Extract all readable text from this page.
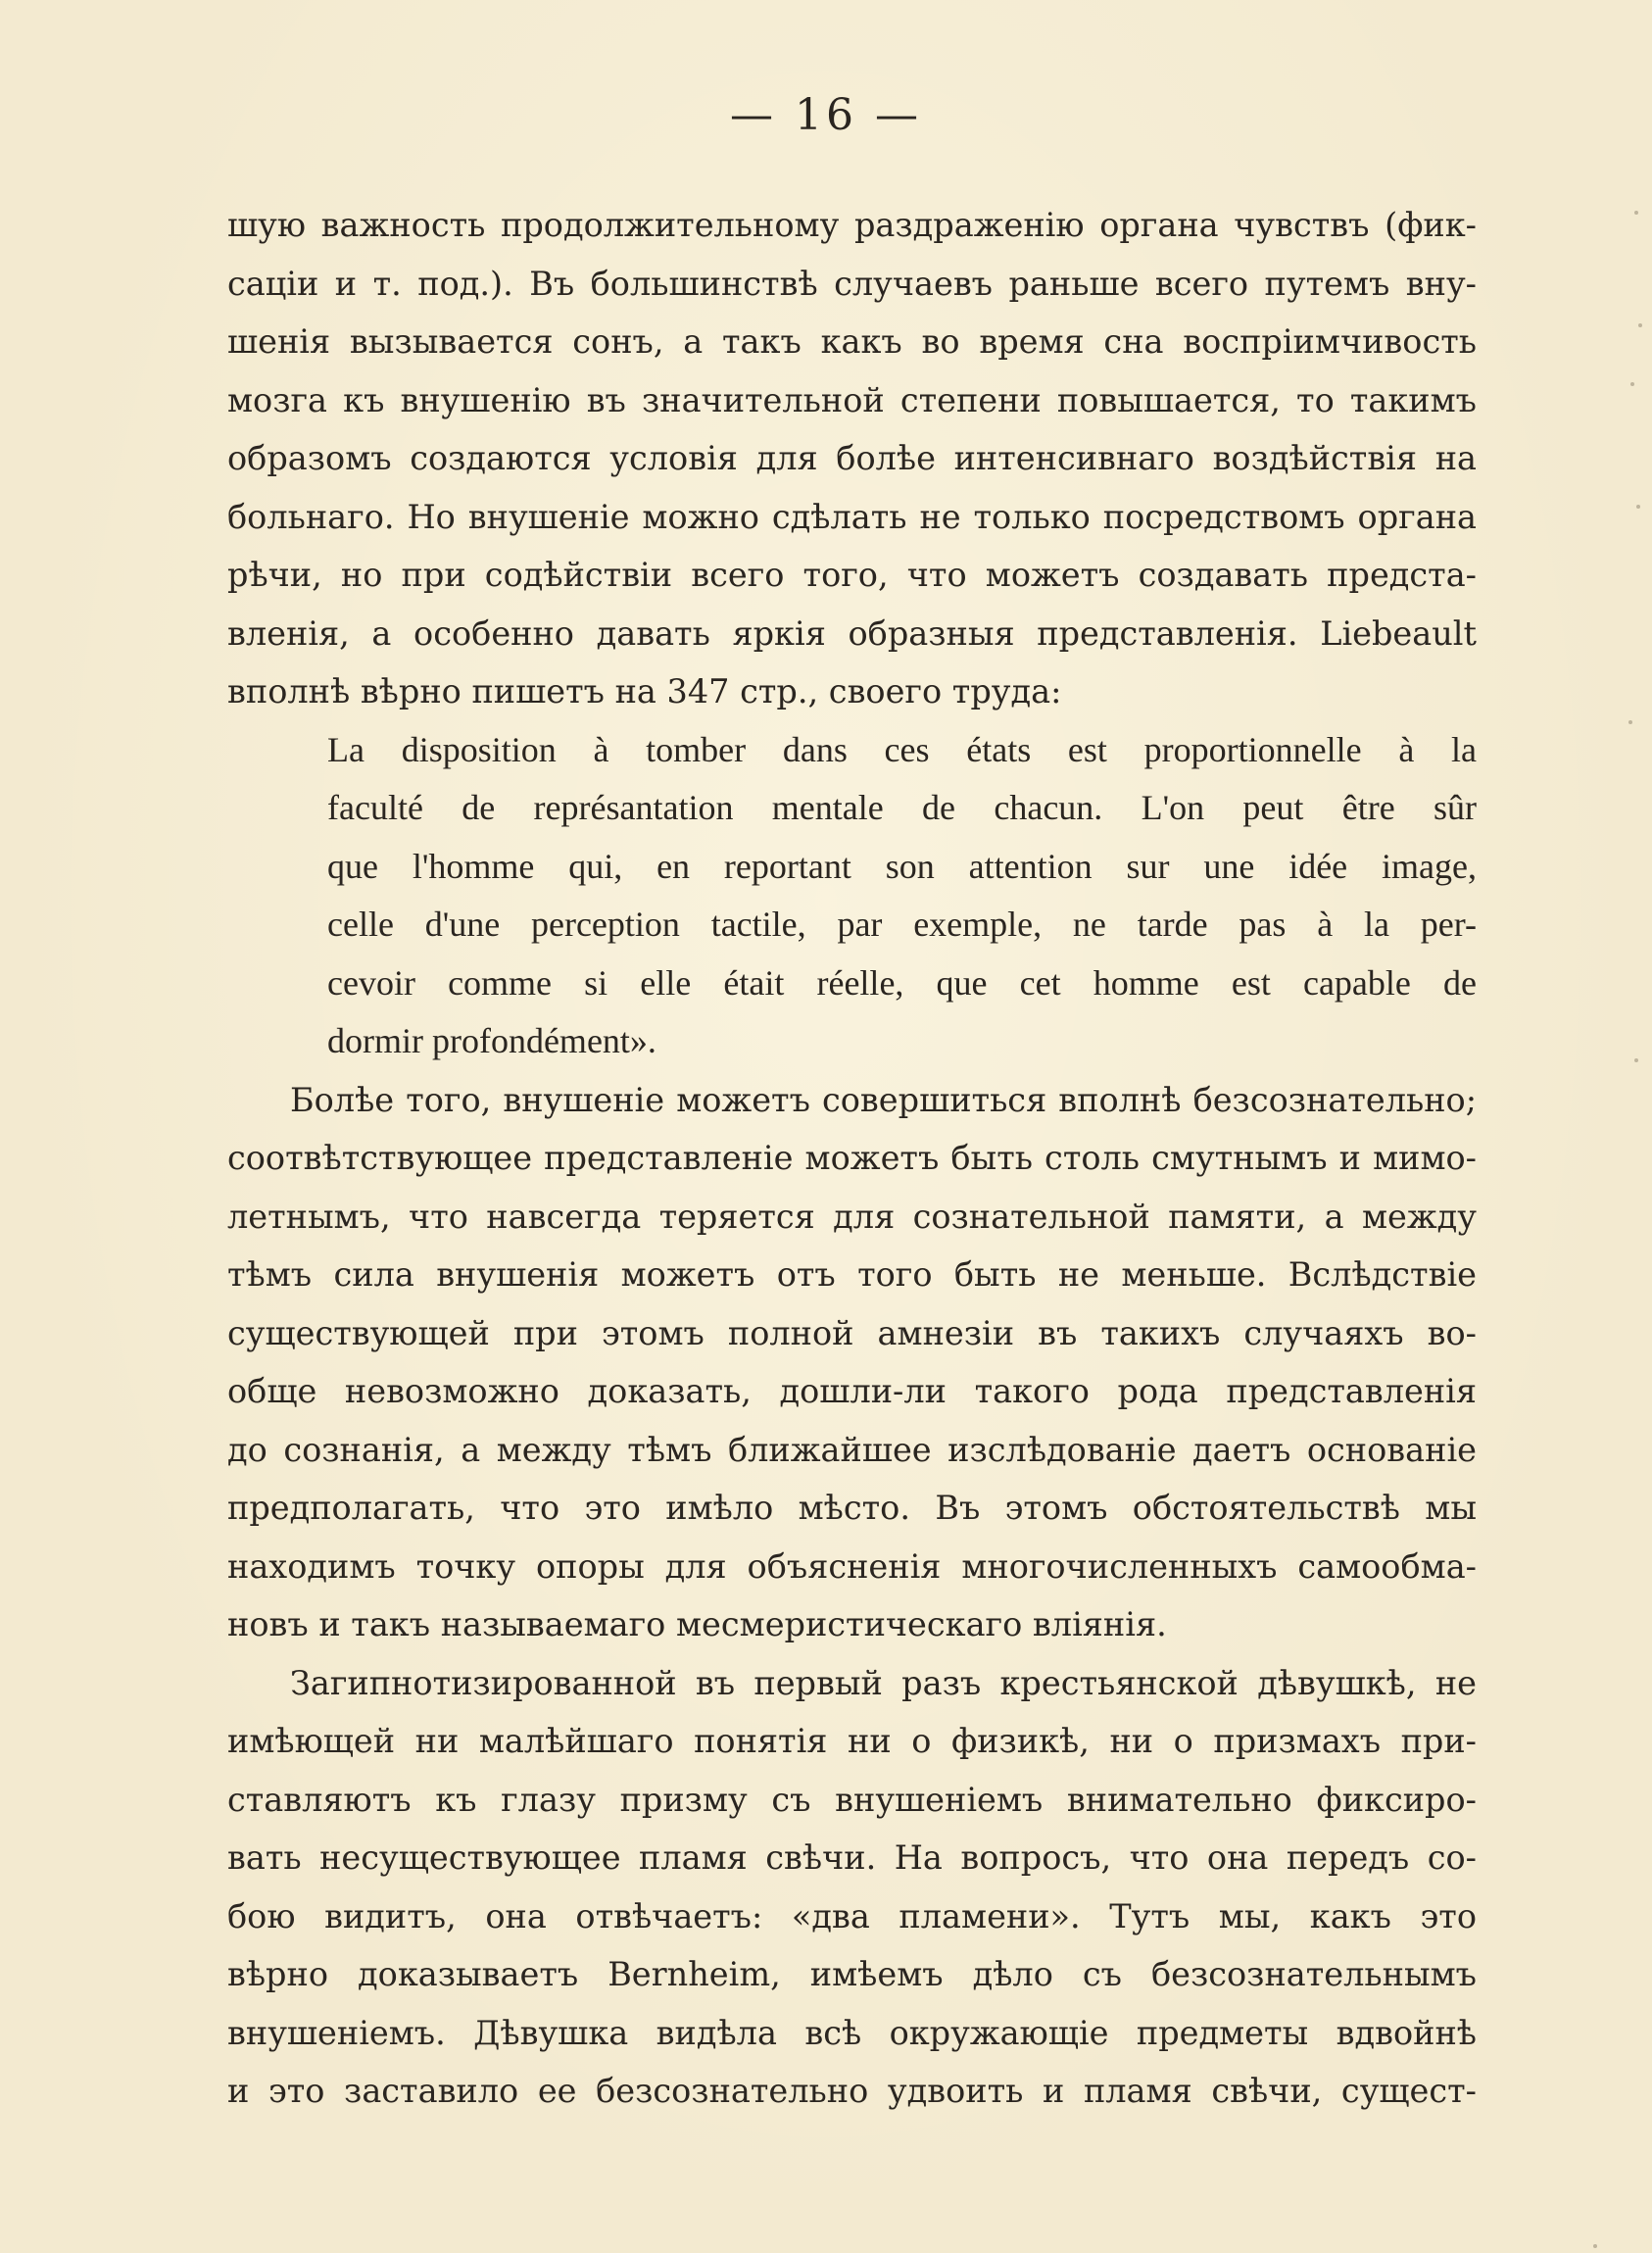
— 16 —
шую важность продолжительному раздраженію органа чувствъ (фик-
саціи и т. под.). Въ большинствѣ случаевъ раньше всего путемъ вну-
шенія вызывается сонъ, а такъ какъ во время сна воспріимчивость
мозга къ внушенію въ значительной степени повышается, то такимъ
образомъ создаются условія для болѣе интенсивнаго воздѣйствія на
больнаго. Но внушеніе можно сдѣлать не только посредствомъ органа
рѣчи, но при содѣйствіи всего того, что можетъ создавать предста-
вленія, а особенно давать яркія образныя представленія. Liebeault
вполнѣ вѣрно пишетъ на 347 стр., своего труда:
La disposition à tomber dans ces états est proportionnelle à la
faculté de représantation mentale de chacun. L'on peut être sûr
que l'homme qui, en reportant son attention sur une idée image,
celle d'une perception tactile, par exemple, ne tarde pas à la per-
cevoir comme si elle était réelle, que cet homme est capable de
dormir profondément».
Болѣе того, внушеніе можетъ совершиться вполнѣ безсознательно;
соотвѣтствующее представленіе можетъ быть столь смутнымъ и мимо-
летнымъ, что навсегда теряется для сознательной памяти, а между
тѣмъ сила внушенія можетъ отъ того быть не меньше. Вслѣдствіе
существующей при этомъ полной амнезіи въ такихъ случаяхъ во-
обще невозможно доказать, дошли-ли такого рода представленія
до сознанія, а между тѣмъ ближайшее изслѣдованіе даетъ основаніе
предполагать, что это имѣло мѣсто. Въ этомъ обстоятельствѣ мы
находимъ точку опоры для объясненія многочисленныхъ самообма-
новъ и такъ называемаго месмеристическаго вліянія.
Загипнотизированной въ первый разъ крестьянской дѣвушкѣ, не
имѣющей ни малѣйшаго понятія ни о физикѣ, ни о призмахъ при-
ставляютъ къ глазу призму съ внушеніемъ внимательно фиксиро-
вать несуществующее пламя свѣчи. На вопросъ, что она передъ со-
бою видитъ, она отвѣчаетъ: «два пламени». Тутъ мы, какъ это
вѣрно доказываетъ Bernheim, имѣемъ дѣло съ безсознательнымъ
внушеніемъ. Дѣвушка видѣла всѣ окружающіе предметы вдвойнѣ
и это заставило ее безсознательно удвоить и пламя свѣчи, сущест-
